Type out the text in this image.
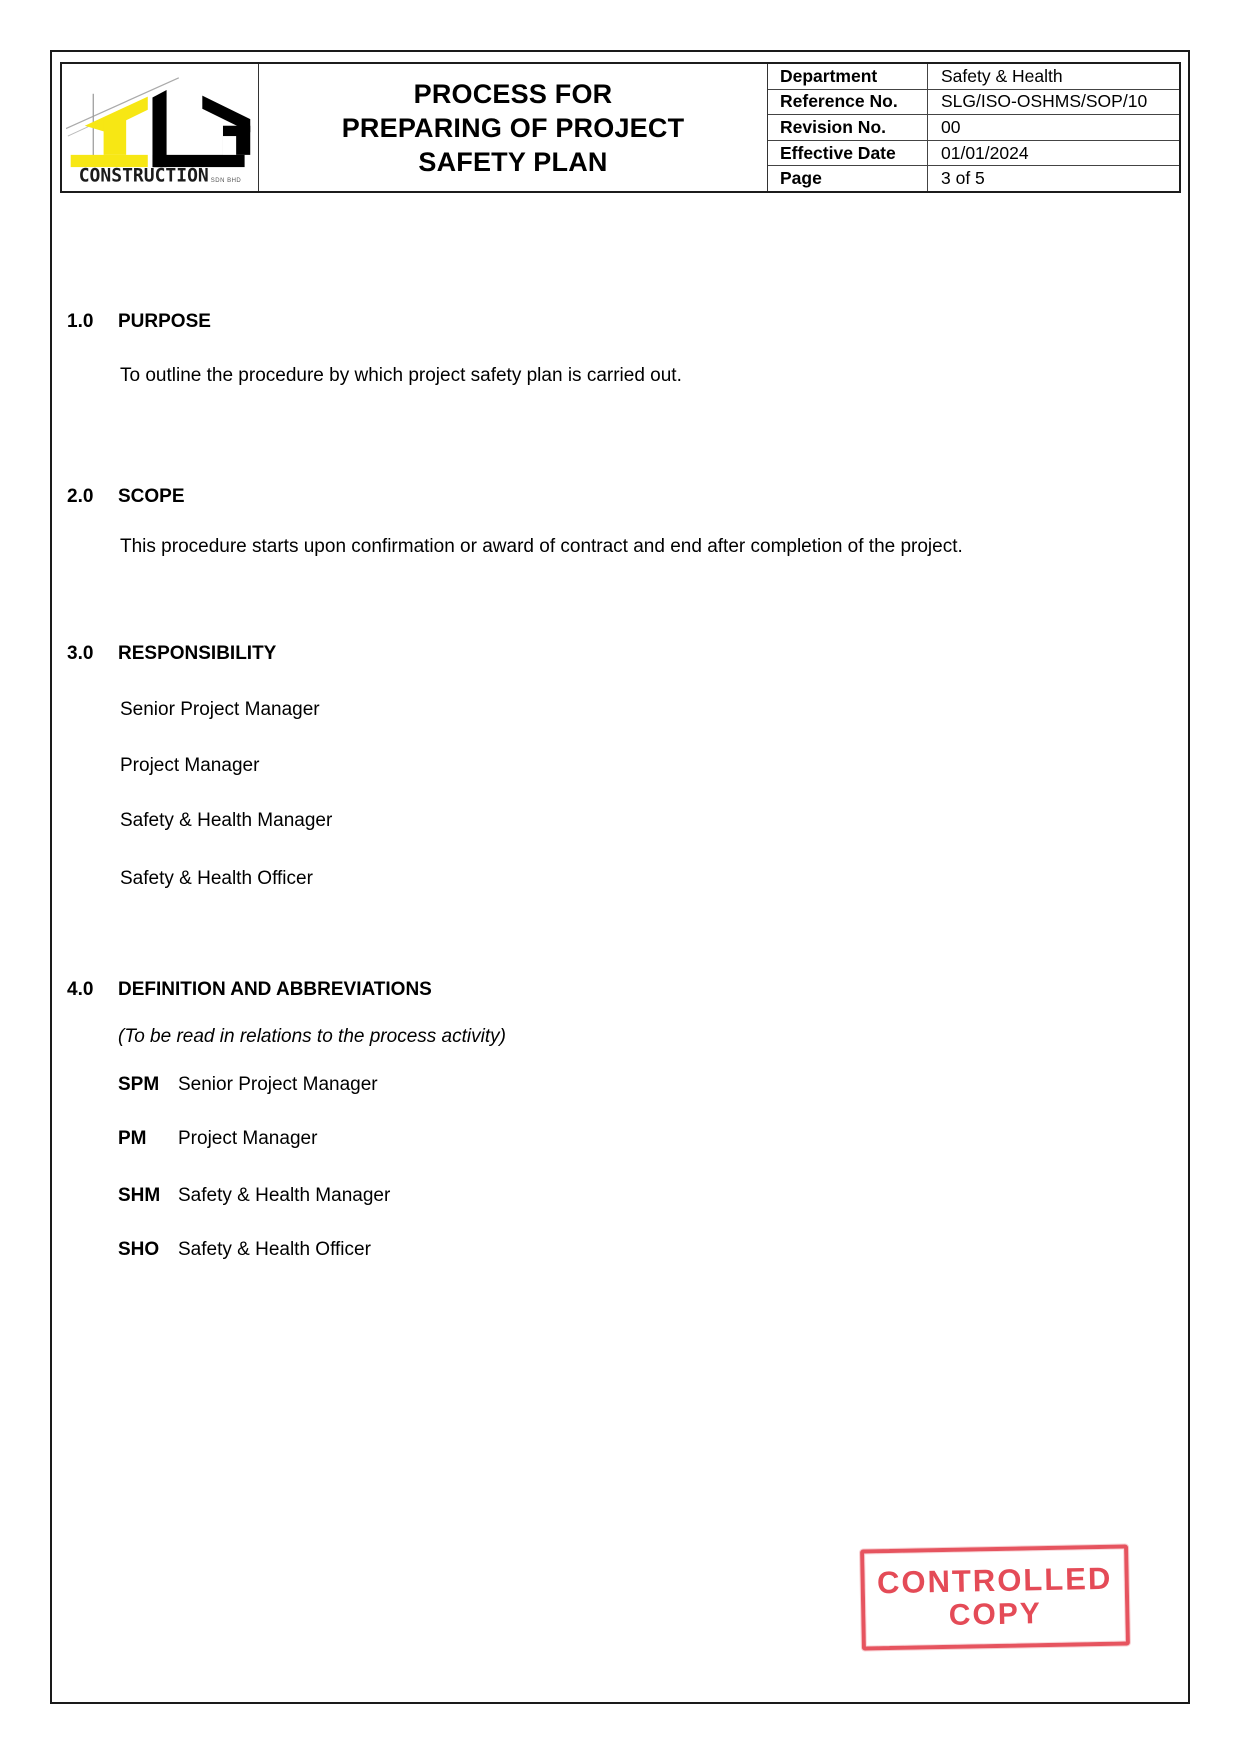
CONSTRUCTION SDN BHD
PROCESS FOR
PREPARING OF PROJECT
SAFETY PLAN
Department	Safety & Health
Reference No.	SLG/ISO-OSHMS/SOP/10
Revision No.	00
Effective Date	01/01/2024
Page	3 of 5
1.0 PURPOSE

To outline the procedure by which project safety plan is carried out.

2.0 SCOPE

This procedure starts upon confirmation or award of contract and end after completion of the project.

3.0 RESPONSIBILITY
Senior Project Manager
Project Manager
Safety & Health Manager
Safety & Health Officer
4.0 DEFINITION AND ABBREVIATIONS
(To be read in relations to the process activity)
SPM Senior Project Manager
PM Project Manager
SHM Safety & Health Manager
SHO Safety & Health Officer
CONTROLLED
COPY
